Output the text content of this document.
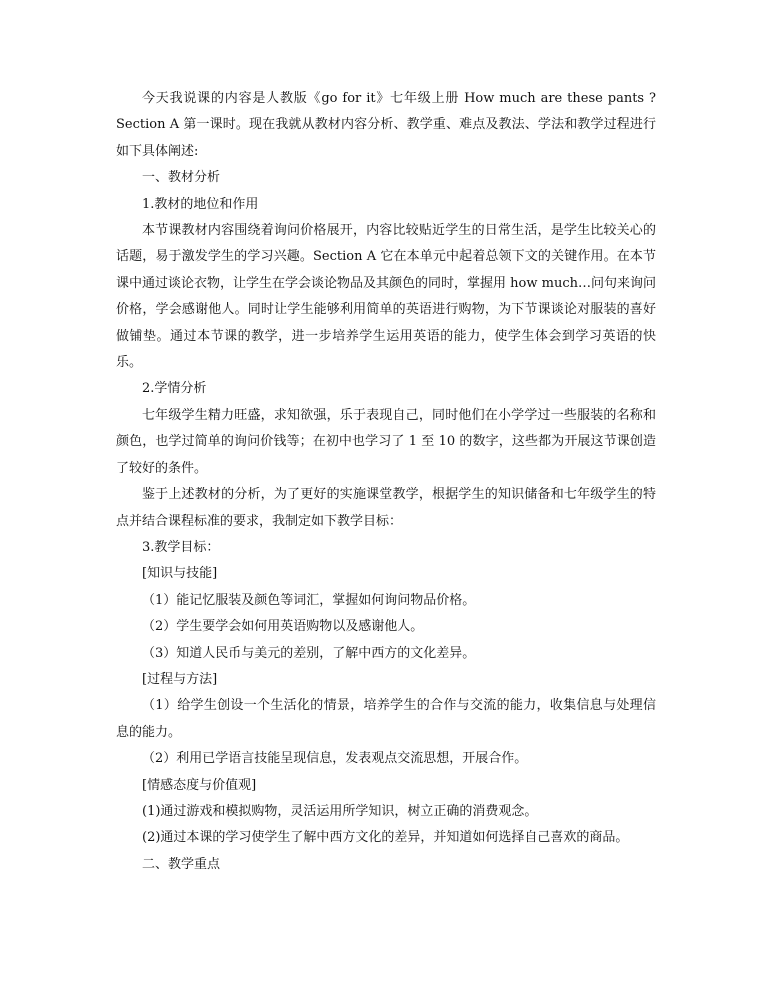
今天我说课的内容是人教版《go for it》七年级上册 How much are these pants ? Section A 第一课时。现在我就从教材内容分析、教学重、难点及教法、学法和教学过程进行如下具体阐述:

一、教材分析

1.教材的地位和作用

本节课教材内容围绕着询问价格展开，内容比较贴近学生的日常生活，是学生比较关心的话题，易于激发学生的学习兴趣。Section A 它在本单元中起着总领下文的关键作用。在本节课中通过谈论衣物，让学生在学会谈论物品及其颜色的同时，掌握用 how much…问句来询问价格，学会感谢他人。同时让学生能够利用简单的英语进行购物，为下节课谈论对服装的喜好做铺垫。通过本节课的教学，进一步培养学生运用英语的能力，使学生体会到学习英语的快乐。

2.学情分析

七年级学生精力旺盛，求知欲强，乐于表现自己，同时他们在小学学过一些服装的名称和颜色，也学过简单的询问价钱等；在初中也学习了 1 至 10 的数字，这些都为开展这节课创造了较好的条件。

鉴于上述教材的分析，为了更好的实施课堂教学，根据学生的知识储备和七年级学生的特点并结合课程标准的要求，我制定如下教学目标：

3.教学目标：

[知识与技能]

（1）能记忆服装及颜色等词汇，掌握如何询问物品价格。

（2）学生要学会如何用英语购物以及感谢他人。

（3）知道人民币与美元的差别，了解中西方的文化差异。

[过程与方法]

（1）给学生创设一个生活化的情景，培养学生的合作与交流的能力，收集信息与处理信息的能力。

（2）利用已学语言技能呈现信息，发表观点交流思想，开展合作。

[情感态度与价值观]

(1)通过游戏和模拟购物，灵活运用所学知识，树立正确的消费观念。

(2)通过本课的学习使学生了解中西方文化的差异，并知道如何选择自己喜欢的商品。

二、教学重点
